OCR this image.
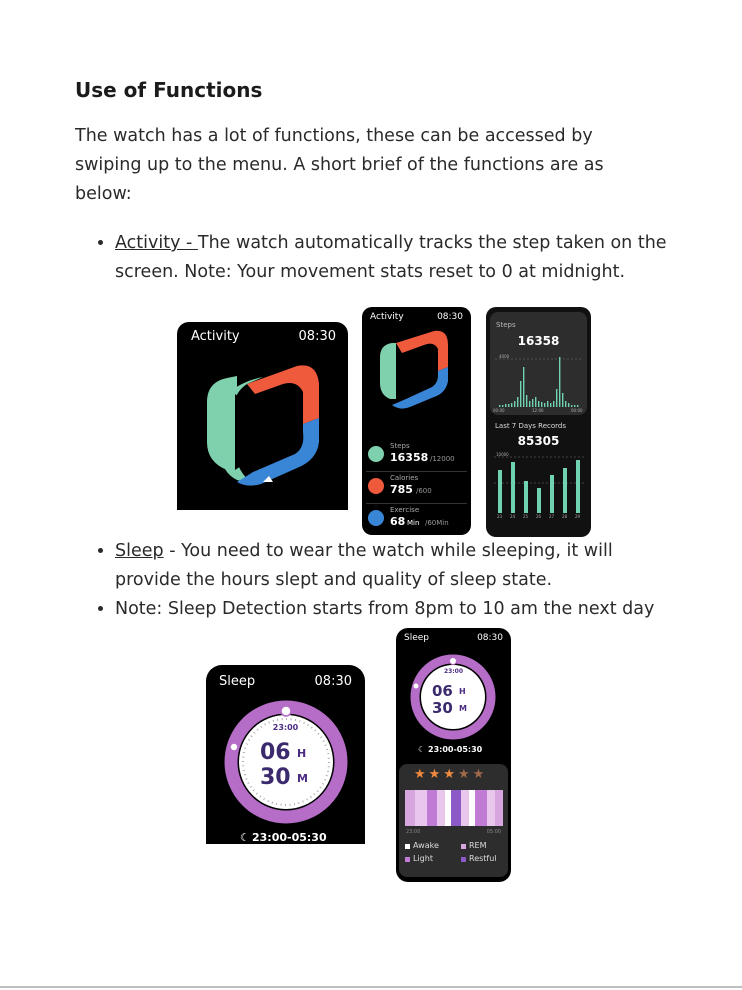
Use of Functions

The watch has a lot of functions, these can be accessed by swiping up to the menu. A short brief of the functions are as below:

• Activity - The watch automatically tracks the step taken on the screen. Note: Your movement stats reset to 0 at midnight.
Activity	08:30
Activity	08:30
Steps
16358 /12000
Calories
785 /600
Exercise
68 Min /60Min
Steps
16358
4000
00:00	12:00	00:00
Last 7 Days Records
85305
10000
23 24 25 26 27 28 29
• Sleep - You need to wear the watch while sleeping, it will provide the hours slept and quality of sleep state.
• Note: Sleep Detection starts from 8pm to 10 am the next day
Sleep	08:30
23:00
06 H
30 M
☾ 23:00-05:30
Sleep	08:30
23:00
06 H
30 M
☾ 23:00-05:30
★★★★★
23:00	05:00
Awake	REM
Light	Restful
